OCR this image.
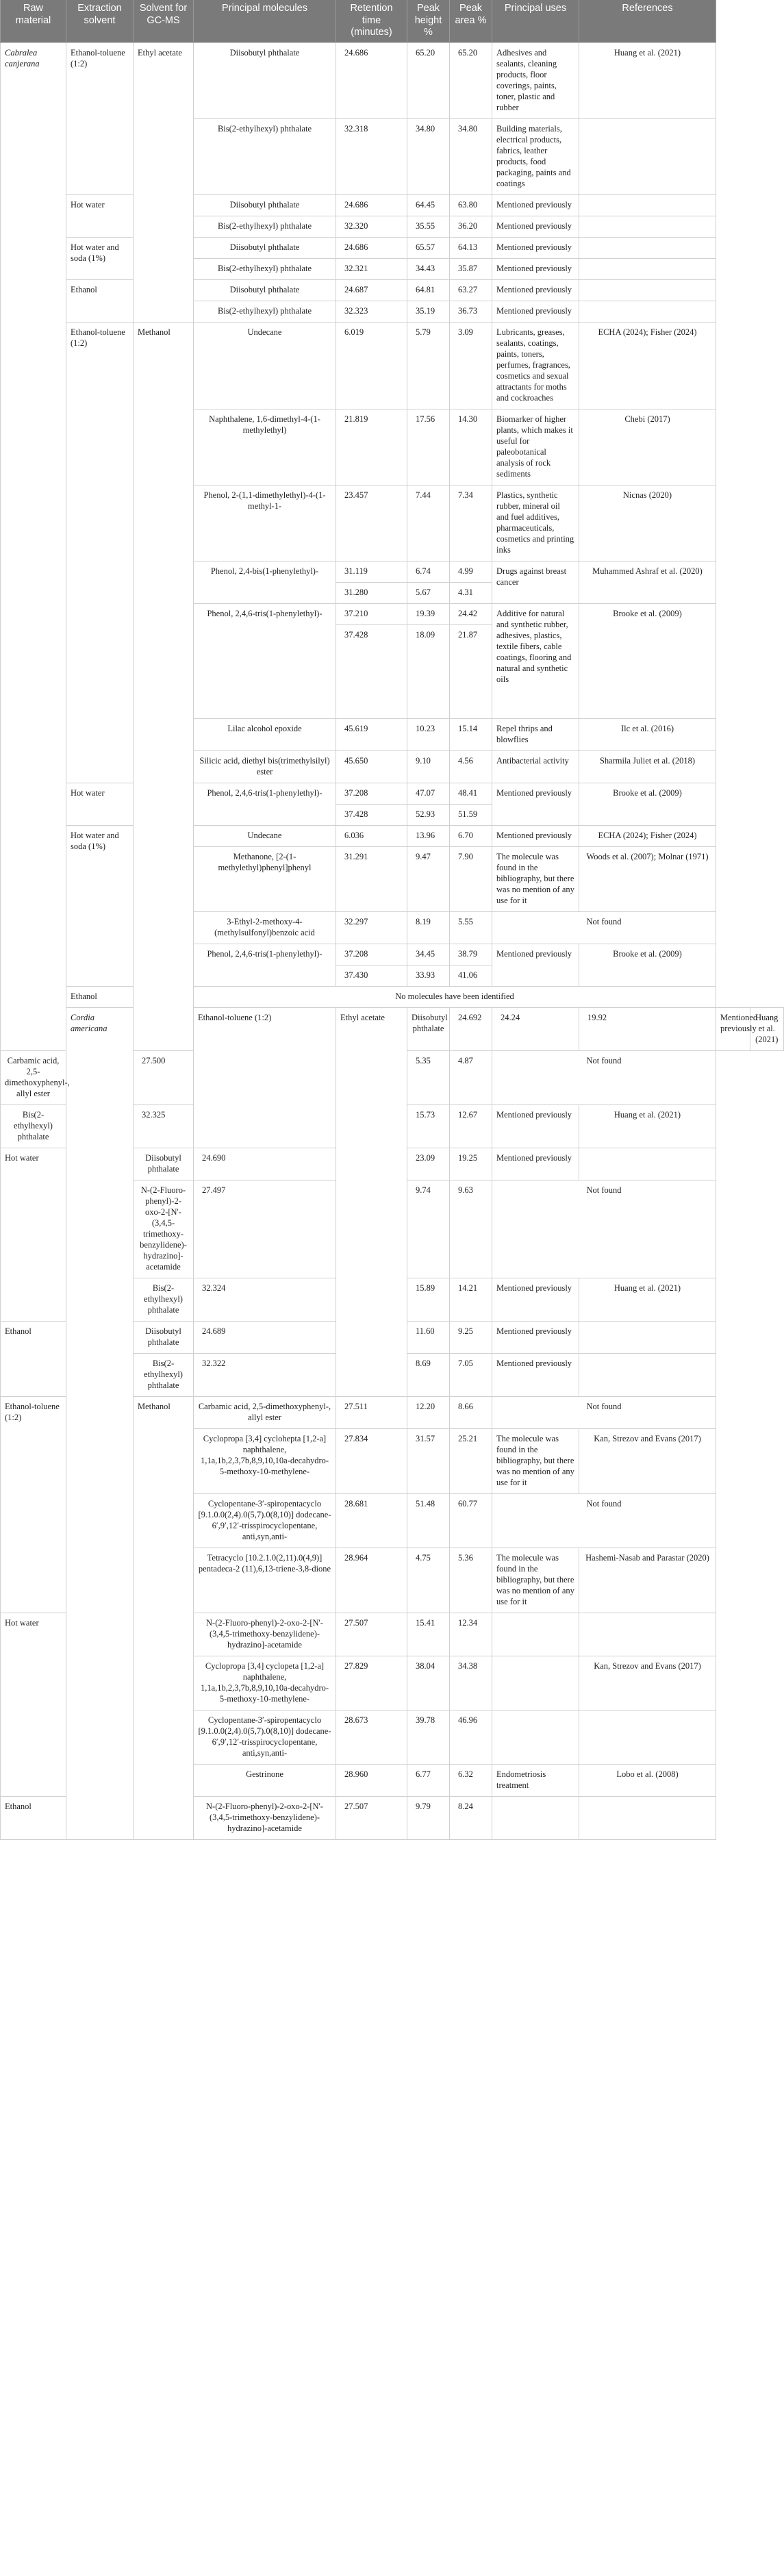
Raw material	Extraction solvent	Solvent for GC-MS	Principal molecules	Retention time (minutes)	Peak height %	Peak area %	Principal uses	References		
Cabralea canjerana	Ethanol-toluene (1:2)	Ethyl acetate	Diisobutyl phthalate	24.686	65.20	65.20	Adhesives and sealants, cleaning products, floor coverings, paints, toner, plastic and rubber	Huang et al. (2021)		
			Bis(2-ethylhexyl) phthalate	32.318	34.80	34.80	Building materials, electrical products, fabrics, leather products, food packaging, paints and coatings			
	Hot water		Diisobutyl phthalate	24.686	64.45	63.80	Mentioned previously			
			Bis(2-ethylhexyl) phthalate	32.320	35.55	36.20	Mentioned previously			
	Hot water and soda (1%)		Diisobutyl phthalate	24.686	65.57	64.13	Mentioned previously			
			Bis(2-ethylhexyl) phthalate	32.321	34.43	35.87	Mentioned previously			
	Ethanol		Diisobutyl phthalate	24.687	64.81	63.27	Mentioned previously			
			Bis(2-ethylhexyl) phthalate	32.323	35.19	36.73	Mentioned previously			
	Ethanol-toluene (1:2)	Methanol	Undecane	6.019	5.79	3.09	Lubricants, greases, sealants, coatings, paints, toners, perfumes, fragrances, cosmetics and sexual attractants for moths and cockroaches	ECHA (2024); Fisher (2024)		
			Naphthalene, 1,6-dimethyl-4-(1-methylethyl)	21.819	17.56	14.30	Biomarker of higher plants, which makes it useful for paleobotanical analysis of rock sediments	Chebi (2017)		
			Phenol, 2-(1,1-dimethylethyl)-4-(1-methyl-1-	23.457	7.44	7.34	Plastics, synthetic rubber, mineral oil and fuel additives, pharmaceuticals, cosmetics and printing inks	Nicnas (2020)		
			Phenol, 2,4-bis(1-phenylethyl)-	31.119	6.74	4.99	Drugs against breast cancer	Muhammed Ashraf et al. (2020)		
				31.280	5.67	4.31				
			Phenol, 2,4,6-tris(1-phenylethyl)-	37.210	19.39	24.42	Additive for natural and synthetic rubber, adhesives, plastics, textile fibers, cable coatings, flooring and natural and synthetic oils	Brooke et al. (2009)		
				37.428	18.09	21.87				
			Lilac alcohol epoxide	45.619	10.23	15.14	Repel thrips and blowflies	Ilc et al. (2016)		
			Silicic acid, diethyl bis(trimethylsilyl) ester	45.650	9.10	4.56	Antibacterial activity	Sharmila Juliet et al. (2018)		
	Hot water		Phenol, 2,4,6-tris(1-phenylethyl)-	37.208	47.07	48.41	Mentioned previously	Brooke et al. (2009)		
				37.428	52.93	51.59				
	Hot water and soda (1%)		Undecane	6.036	13.96	6.70	Mentioned previously	ECHA (2024); Fisher (2024)		
			Methanone, [2-(1-methylethyl)phenyl]phenyl	31.291	9.47	7.90	The molecule was found in the bibliography, but there was no mention of any use for it	Woods et al. (2007); Molnar (1971)		
			3-Ethyl-2-methoxy-4-(methylsulfonyl)benzoic acid	32.297	8.19	5.55	Not found			
			Phenol, 2,4,6-tris(1-phenylethyl)-	37.208	34.45	38.79	Mentioned previously	Brooke et al. (2009)		
				37.430	33.93	41.06				
	Ethanol		No molecules have been identified							
	Cordia americana		Ethanol-toluene (1:2)	Ethyl acetate	Diisobutyl phthalate	24.692	24.24	19.92	Mentioned previously	Huang et al. (2021)
Carbamic acid, 2,5-dimethoxyphenyl-, allyl ester		27.500			5.35	4.87	Not found			
Bis(2-ethylhexyl) phthalate		32.325			15.73	12.67	Mentioned previously	Huang et al. (2021)		
Hot water		Diisobutyl phthalate	24.690		23.09	19.25	Mentioned previously			
		N-(2-Fluoro-phenyl)-2-oxo-2-[N'-(3,4,5-trimethoxy-benzylidene)-hydrazino]-acetamide	27.497		9.74	9.63	Not found			
		Bis(2-ethylhexyl) phthalate	32.324		15.89	14.21	Mentioned previously	Huang et al. (2021)		
Ethanol		Diisobutyl phthalate	24.689		11.60	9.25	Mentioned previously			
		Bis(2-ethylhexyl) phthalate	32.322		8.69	7.05	Mentioned previously			
Ethanol-toluene (1:2)		Methanol	Carbamic acid, 2,5-dimethoxyphenyl-, allyl ester	27.511	12.20	8.66	Not found			
			Cyclopropa [3,4] cyclohepta [1,2-a] naphthalene, 1,1a,1b,2,3,7b,8,9,10,10a-decahydro-5-methoxy-10-methylene-	27.834	31.57	25.21	The molecule was found in the bibliography, but there was no mention of any use for it	Kan, Strezov and Evans (2017)		
			Cyclopentane-3′-spiropentacyclo [9.1.0.0(2,4).0(5,7).0(8,10)] dodecane-6′,9′,12′-trisspirocyclopentane, anti,syn,anti-	28.681	51.48	60.77	Not found			
			Tetracyclo [10.2.1.0(2,11).0(4,9)] pentadeca-2 (11),6,13-triene-3,8-dione	28.964	4.75	5.36	The molecule was found in the bibliography, but there was no mention of any use for it	Hashemi-Nasab and Parastar (2020)		
Hot water			N-(2-Fluoro-phenyl)-2-oxo-2-[N'-(3,4,5-trimethoxy-benzylidene)-hydrazino]-acetamide	27.507	15.41	12.34				
			Cyclopropa [3,4] cyclopeta [1,2-a] naphthalene, 1,1a,1b,2,3,7b,8,9,10,10a-decahydro-5-methoxy-10-methylene-	27.829	38.04	34.38		Kan, Strezov and Evans (2017)		
			Cyclopentane-3′-spiropentacyclo [9.1.0.0(2,4).0(5,7).0(8,10)] dodecane-6′,9′,12′-trisspirocyclopentane, anti,syn,anti-	28.673	39.78	46.96				
			Gestrinone	28.960	6.77	6.32	Endometriosis treatment	Lobo et al. (2008)		
Ethanol			N-(2-Fluoro-phenyl)-2-oxo-2-[N'-(3,4,5-trimethoxy-benzylidene)-hydrazino]-acetamide	27.507	9.79	8.24				
